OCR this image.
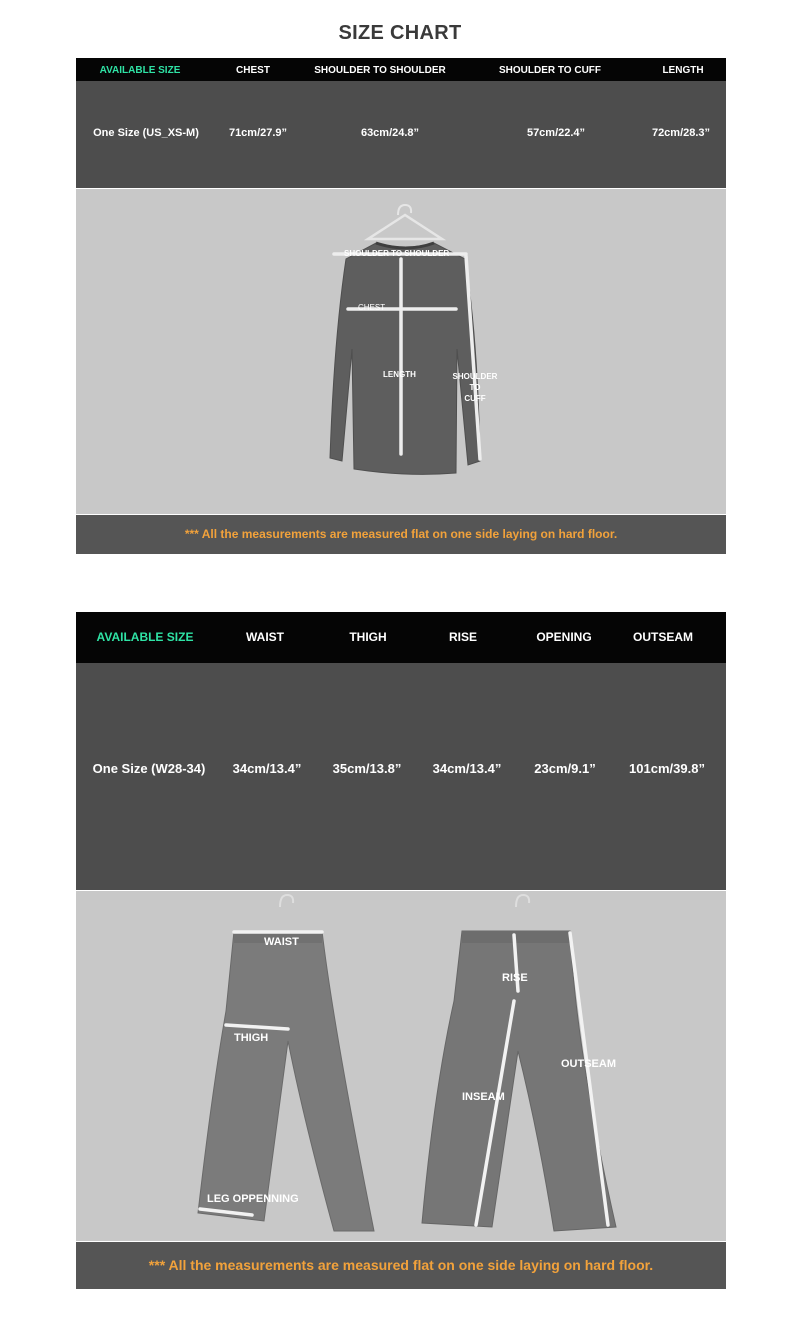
SIZE CHART
AVAILABLE SIZE	CHEST	SHOULDER TO SHOULDER	SHOULDER TO CUFF	LENGTH
One Size (US_XS-M)	71cm/27.9”	63cm/24.8”	57cm/22.4”	72cm/28.3”
SHOULDER TO SHOULDER
CHEST
LENGTH	SHOULDER
TO
CUFF
*** All the measurements are measured flat on one side laying on hard floor.
AVAILABLE SIZE	WAIST	THIGH	RISE	OPENING	OUTSEAM
One Size (W28-34) 34cm/13.4” 35cm/13.8” 34cm/13.4”	23cm/9.1”	101cm/39.8”
WAIST
THIGH
LEG OPPENNING
RISE
INSEAM
OUTSEAM
*** All the measurements are measured flat on one side laying on hard floor.
